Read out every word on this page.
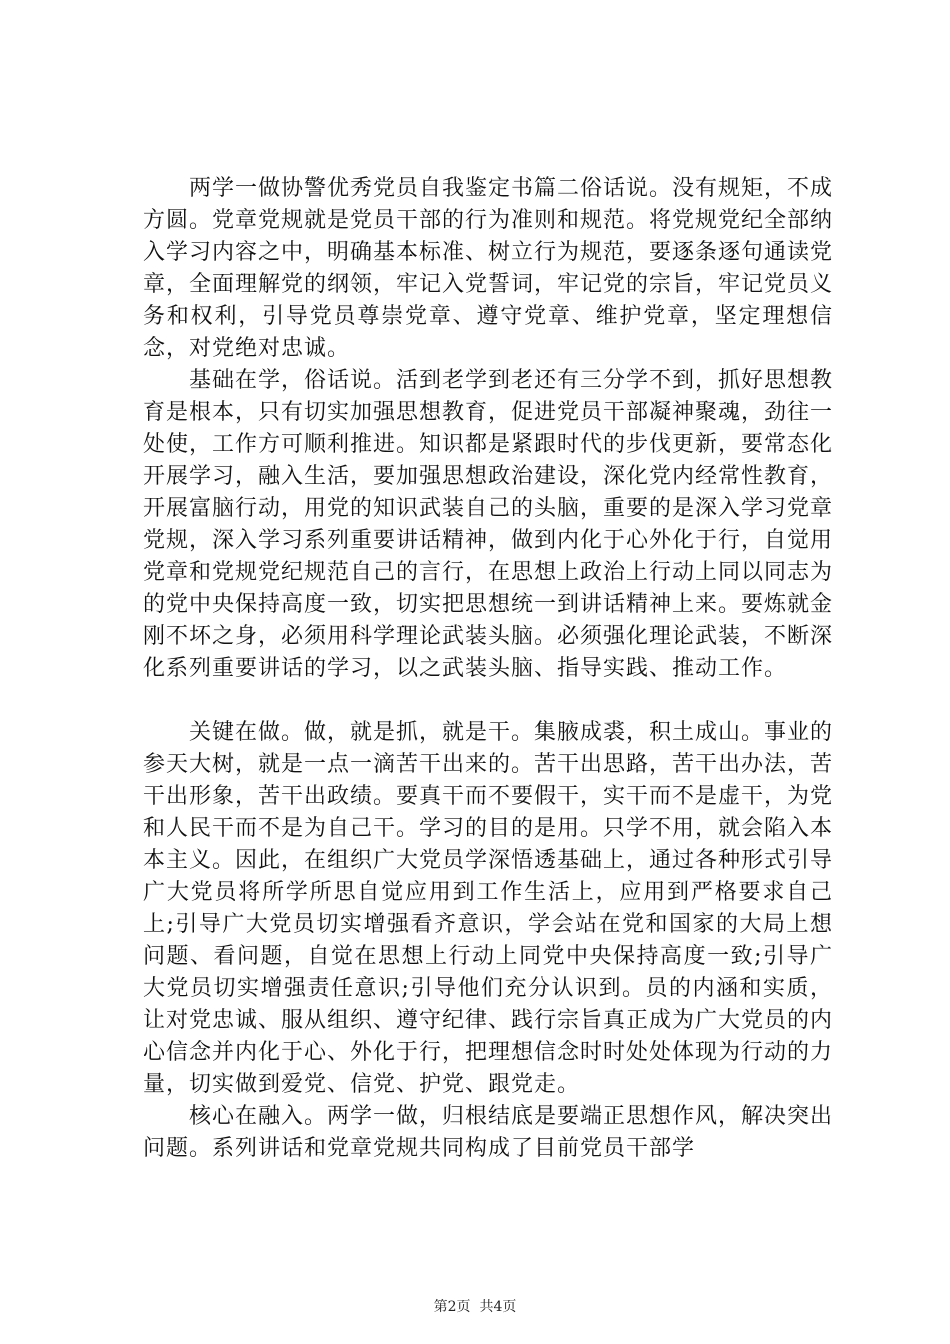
两学一做协警优秀党员自我鉴定书篇二俗话说。没有规矩，不成方圆。党章党规就是党员干部的行为准则和规范。将党规党纪全部纳入学习内容之中，明确基本标准、树立行为规范，要逐条逐句通读党章，全面理解党的纲领，牢记入党誓词，牢记党的宗旨，牢记党员义务和权利，引导党员尊崇党章、遵守党章、维护党章，坚定理想信念，对党绝对忠诚。

基础在学，俗话说。活到老学到老还有三分学不到，抓好思想教育是根本，只有切实加强思想教育，促进党员干部凝神聚魂，劲往一处使，工作方可顺利推进。知识都是紧跟时代的步伐更新，要常态化开展学习，融入生活，要加强思想政治建设，深化党内经常性教育，开展富脑行动，用党的知识武装自己的头脑，重要的是深入学习党章党规，深入学习系列重要讲话精神，做到内化于心外化于行，自觉用党章和党规党纪规范自己的言行，在思想上政治上行动上同以同志为的党中央保持高度一致，切实把思想统一到讲话精神上来。要炼就金刚不坏之身，必须用科学理论武装头脑。必须强化理论武装，不断深化系列重要讲话的学习，以之武装头脑、指导实践、推动工作。

关键在做。做，就是抓，就是干。集腋成裘，积土成山。事业的参天大树，就是一点一滴苦干出来的。苦干出思路，苦干出办法，苦干出形象，苦干出政绩。要真干而不要假干，实干而不是虚干，为党和人民干而不是为自己干。学习的目的是用。只学不用，就会陷入本本主义。因此，在组织广大党员学深悟透基础上，通过各种形式引导广大党员将所学所思自觉应用到工作生活上，应用到严格要求自己上;引导广大党员切实增强看齐意识，学会站在党和国家的大局上想问题、看问题，自觉在思想上行动上同党中央保持高度一致;引导广大党员切实增强责任意识;引导他们充分认识到。员的内涵和实质，让对党忠诚、服从组织、遵守纪律、践行宗旨真正成为广大党员的内心信念并内化于心、外化于行，把理想信念时时处处体现为行动的力量，切实做到爱党、信党、护党、跟党走。

核心在融入。两学一做，归根结底是要端正思想作风，解决突出问题。系列讲话和党章党规共同构成了目前党员干部学

第2页  共4页
